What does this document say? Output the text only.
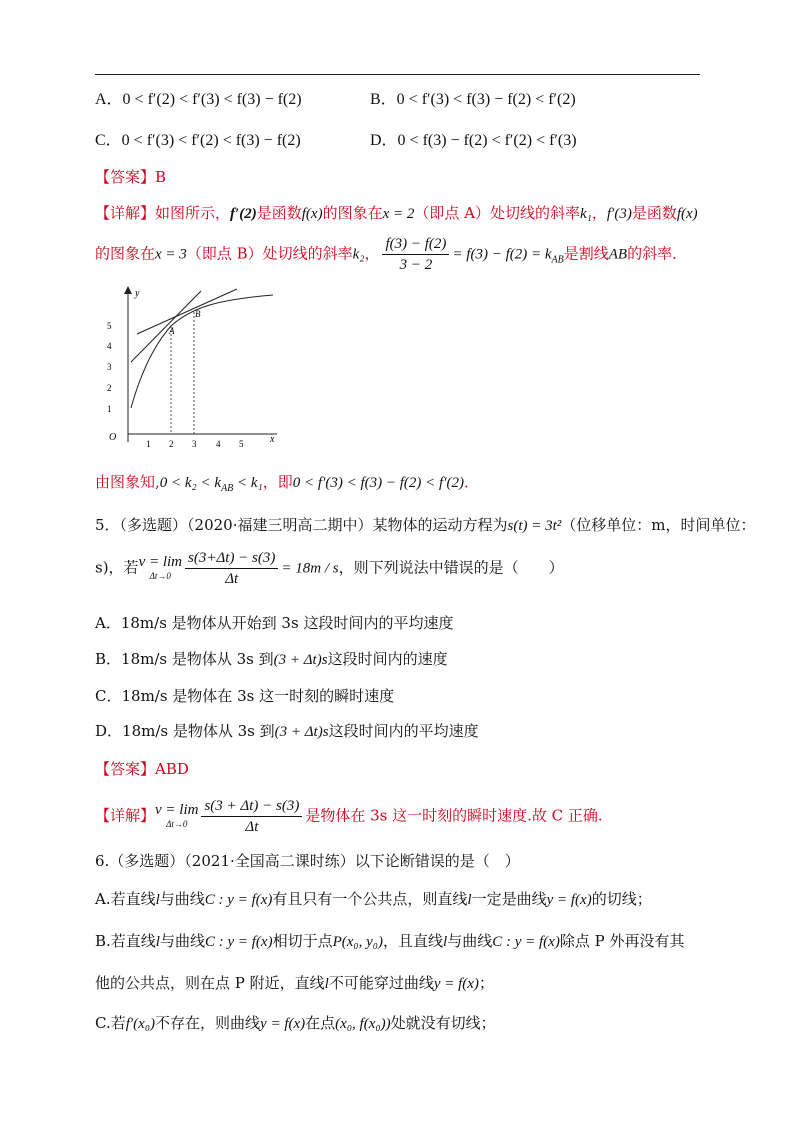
A．0 < f′(2) < f′(3) < f(3) − f(2)	B．0 < f′(3) < f(3) − f(2) < f′(2)
C．0 < f′(3) < f′(2) < f(3) − f(2)	D．0 < f(3) − f(2) < f′(2) < f′(3)
【答案】B
【详解】如图所示，f′(2)是函数f(x)的图象在x = 2（即点 A）处切线的斜率k₁，f′(3)是函数f(x)
的图象在x = 3（即点 B）处切线的斜率k₂， $\frac{f(3) - f(2)}{3 - 2} = f(3) - f(2) = k_{AB}$是割线AB的斜率．
y
x
O
1 2 3 4 5
1
2
3
4
5	A
B
由图象知$,0 < k_2 < k_{AB} < k_1$，即0 < f′(3) < f(3) − f(2) < f′(2)．
5．（多选题）（2020·福建三明高二期中）某物体的运动方程为s(t) = 3t²（位移单位：m，时间单位：
s)，若v = lim
$\Delta t\to 0 \frac{s(3+\Delta t) - s(3)}{\Delta t} = 18m / s$，则下列说法中错误的是（　　）
A．18m/s 是物体从开始到 3s 这段时间内的平均速度
B．18m/s 是物体从 3s 到(3 + Δt)s这段时间内的速度
C．18m/s 是物体在 3s 这一时刻的瞬时速度
D．18m/s 是物体从 3s 到(3 + Δt)s这段时间内的平均速度
【答案】ABD
【详解】v = lim
$\Delta t\to 0 \frac{s(3 + \Delta t) - s(3)}{\Delta t}$ 是物体在 3s 这一时刻的瞬时速度.故 C 正确.
6.（多选题）（2021·全国高二课时练）以下论断错误的是（　）
A.若直线l与曲线C : y = f(x)有且只有一个公共点，则直线l一定是曲线y = f(x)的切线；
B.若直线l与曲线C : y = f(x)相切于点P(x₀, y₀)，且直线l与曲线C : y = f(x)除点 P 外再没有其
他的公共点，则在点 P 附近，直线l不可能穿过曲线y = f(x)；
C.若f′(x₀)不存在，则曲线y = f(x)在点(x₀, f(x₀))处就没有切线；
